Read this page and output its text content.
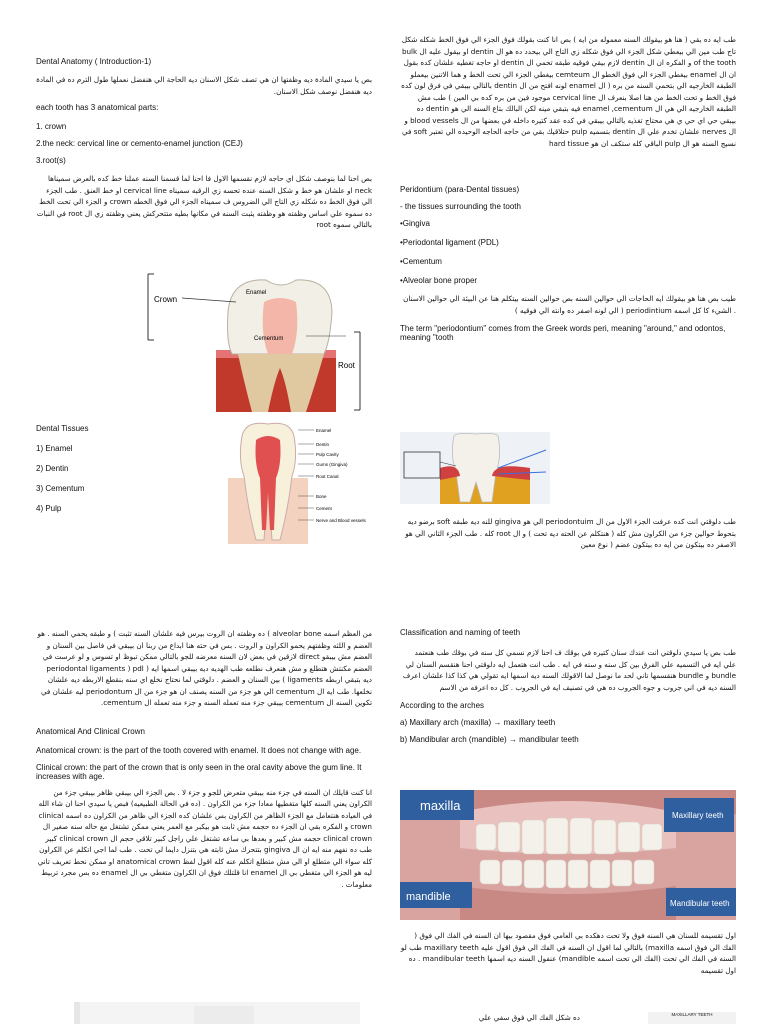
Dental Anatomy ( Introduction-1)

بص يا سيدي المادة ديه وظفتها ان هي تصف شكل الاسنان ديه الحاجة الي هنفضل نعملها طول الترم ده في المادة ديه هنفضل نوصف شكل الاسنان.

each tooth has 3 anatomical parts:

1. crown

2.the neck: cervical line or cemento-enamel junction (CEJ)

3.root(s)

بص احنا لما بنوصف شكل اي حاجه لازم نقسمها الاول فا احنا لما قسمنا السنه عملنا خط كده بالعرض سميناها neck او علشان هو خط و شكل السنه عنده تحسه زي الرقبه سميناه cervical line او خط العنق . طب الجزء الي فوق الخط ده شكله زي التاج الي الضروس ف سميناه الجزء الي فوق الخطه crown و الجزء الي تحت الخط ده سموه علي اساس وظفته هو وظفته يثبت السنه في مكانها بطيه متتحركش يعني وظفته زي ال root في النبات بالتالي سموه root

Crown
Enamel
Cementum
Root

Dental Tissues

1) Enamel

2) Dentin

3) Cementum

4) Pulp

Enamel
Dentin
Pulp Cavity
Gums (Gingiva)
Root Canal
Bone
Cement
Nerve and Blood vessels

طب ايه ده بقي ( هنا هو بيقولك السنه معموله من ايه ) بص انا كنت بقولك فوق الجزء الي فوق الخط شكله شكل تاج طب مين الي بيعطي شكل الجزء الي فوق شكله زي التاج الي بيحدد ده هو ال dentin او بيقول عليه ال bulk of the tooth و الفكره ان ال dentin لازم بيقي فوقيه طبقه تحمي ال dentin او حاجه تغطيه علشان كده بقول ان ال enamel بيغطي الجزء الي فوق الخطو ال cemteum بيغطي الجزء الي تحت الخط و هما الاتنين بيعملو الطبقه الخارجيه الي بتحمي السنه من بره ( ال enamel لونه افتح من ال dentin بالتالي بيبقي في فرق لون كده فوق الخط و تحت الخط من هنا اصلا بنعرف ال cervical line موجود فين من بره كده بي العين ) طب مش الطبقه الخارجيه الي هي ال enamel ,cementum فيه بتبقي مينه لكن البالك بتاع السنه الي هو dentin ده بيبقي حي اي حي ي هي محتاج تغذيه بالتالي بيبقي في كده عقد كتيره داخله في بعضها من ال blood vessels و ال nerves علشان تخدم علي ال dentin بتسميه pulp حتلاقيك بقي من حاجه الحاجه الوحيده الي تعتبر soft في نسيج السنه هو ال pulp الباقي كله ستكف ان هو hard tissue

Peridontium (para-Dental tissues)

- the tissues surrounding the tooth

•Gingiva

•Periodontal ligament (PDL)

•Cementum

•Alveolar bone proper

طيب بص هنا هو بيقولك ايه الحاجات الي حوالين السنه بص حوالين السنه بيتكلم هنا عن البيئة الي حوالين الاسنان . الشيء كا كل اسمه periodintium ( الي لونه اصفر ده وانته الي فوقيه )

The term "periodontium" comes from the Greek words peri, meaning "around," and odontos, meaning "tooth

طب دلوقتي انت كده عرفت الجزء الاول من ال periodontuim الي هو gingiva للنه ديه طبقه soft برضو ديه بتحوط حوالين جزء من الكراون مش كله ( هنتكلم عن الحته ديه تحت ) و ال root كله . طب الجزء الثاني الي هو الاصفر ده بيتكون من ايه ده بيتكون عضم ( نوع معين

من العظم اسمه alveolar bone ) ده وظفته ان الروت بيرس فيه علشان السنه تثبت ) و طبقه يحمي السنه . هو العضم و اللثه وظفتهم يحمو الكراون و الروت . بس في حته هنا ابداع من ربنا ان بيبقي في فاصل بين السنان و العضم مش بيبقو direct لازقين في بعض لان السنه معرضه للجو بالتالي ممكن تبوظ او تسوس و لو عرست في العضم مكنتش هتطلع و مش هنعرف نطلعه طب الهديه ديه بيبقي اسمها ايه ( pdl ( periodontal ligaments ديه بتبقي اربطه ligaments ) بين السنان و العضم . دلوقتي لما نحتاج نخلع اي سنه بنقطع الاربطه ديه علشان نخلعها. طب ايه ال cementum الي هو جزء من السنه يصنف ان هو جزء من ال periodontum ليه علشان في تكوين السنه ال cementum بيبقي جزء منه تعمله السنه و جزء منه تعمله ال cementum.

Anatomical And Clinical Crown

Anatomical crown: is the part of the tooth covered with enamel. It does not change with age.

Clinical crown: the part of the crown that is only seen in the oral cavity above the gum line. It increases with age.

انا كنت قايلك ان السنه في جزء منه بيبقي متعرض للجو و جزء لا . بص الجزء الي بيبقي ظاهر بيبقي جزء من الكراون يعني السنه كلها متغطيها معادا جزء من الكراون . (ده في الحالة الطبيعيه) فبص يا سيدي احنا ان شاء الله في العياده هنتعامل مع الجزء الظاهر من الكراون بس علشان كده الجزء الي ظاهر من الكراون ده اسمه clinical crown و الفكره بقي ان الجزء ده حجمه مش ثابت هو بيكبر مع العمر يعني ممكن تشتغل مع حاله سنه صغير ال clinical crown حجمه مش كبير و بعدها بي ساعه تشتغل علي راجل كبير تلاقي حجم ال clinical crown كبير طب ده نفهم منه ايه ان ال gingiva بتتحرك مش ثابته هي بتنزل دايما لي تحت . طب لما اجي اتكلم عن الكراون كله سواء الي متطلع او الي مش متطلع اتكلم عنه كله اقول لفظ anatomical crown او ممكن نحط تعريف تاني ليه هو الجزء الي متغطي بي ال enamel انا قلتلك فوق ان الكراون متغطي بي ال enamel ده بس مجرد تربيط معلومات .

Classification and naming of teeth

طب بص يا سيدي دلوقتي انت عندك سنان كتيره في بوقك ف احنا لازم نسمي كل سنه في بوقك طب هنعتمد علي ايه في التسميه علي الفرق بين كل سنه و سنه في ايه . طب انت هتعمل ايه دلوقتي احنا هنقسم السنان لي bundle و bundle هنقسمها تاني لحد ما نوصل لما الاقولك السنه ديه اسمها ايه تقولي هي كذا كذا علشان اعرف السنه ديه في اني جروب و جوه الجروب ده هي في تصنيف ايه في الجروب . كل ده اعرفه من الاسم

According to the arches

a) Maxillary arch (maxilla) → maxillary teeth

b) Mandibular arch (mandible) → mandibular teeth

maxilla
Maxillary teeth
mandible
Mandibular teeth

اول تقسيمه للسنان هي السنه فوق ولا تحت دهكده بي العامي فوق مقصود بيها ان السنه في الفك الي فوق ( الفك الي فوق اسمه maxilla) بالتالي لما اقول ان السنه في الفك الي فوق اقول عليه maxillary teeth طب لو السنه في الفك الي تحت (الفك الي تحت اسمه mandible) عنفول السنه ديه اسمها mandibular teeth . ده اول تقسيمه

ده شكل الفك الي فوق سفي علي	MAXILLARY TEETH
